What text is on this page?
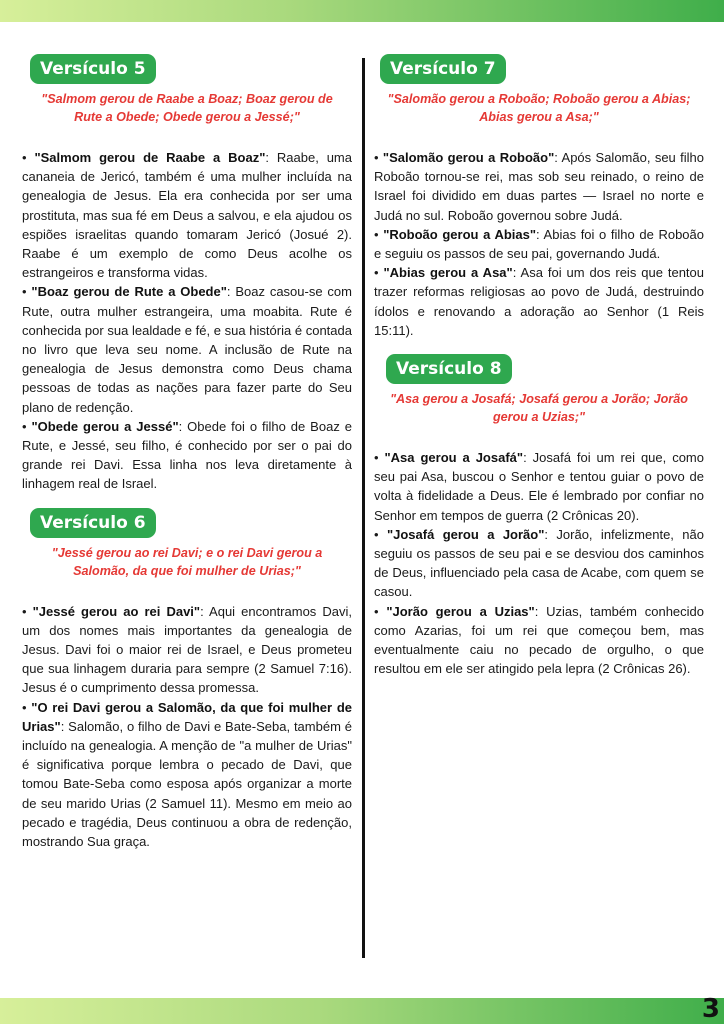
3
Versículo 5
"Salmom gerou de Raabe a Boaz; Boaz gerou de
Rute a Obede; Obede gerou a Jessé;"

• "Salmom gerou de Raabe a Boaz": Raabe, uma cananeia de Jericó, também é uma mulher incluída na genealogia de Jesus. Ela era conhecida por ser uma prostituta, mas sua fé em Deus a salvou, e ela ajudou os espiões israelitas quando tomaram Jericó (Josué 2). Raabe é um exemplo de como Deus acolhe os estrangeiros e transforma vidas.

• "Boaz gerou de Rute a Obede": Boaz casou-se com Rute, outra mulher estrangeira, uma moabita. Rute é conhecida por sua lealdade e fé, e sua história é contada no livro que leva seu nome. A inclusão de Rute na genealogia de Jesus demonstra como Deus chama pessoas de todas as nações para fazer parte do Seu plano de redenção.

• "Obede gerou a Jessé": Obede foi o filho de Boaz e Rute, e Jessé, seu filho, é conhecido por ser o pai do grande rei Davi. Essa linha nos leva diretamente à linhagem real de Israel.

Versículo 6
"Jessé gerou ao rei Davi; e o rei Davi gerou a
Salomão, da que foi mulher de Urias;"

• "Jessé gerou ao rei Davi": Aqui encontramos Davi, um dos nomes mais importantes da genealogia de Jesus. Davi foi o maior rei de Israel, e Deus prometeu que sua linhagem duraria para sempre (2 Samuel 7:16). Jesus é o cumprimento dessa promessa.

• "O rei Davi gerou a Salomão, da que foi mulher de Urias": Salomão, o filho de Davi e Bate-Seba, também é incluído na genealogia. A menção de "a mulher de Urias" é significativa porque lembra o pecado de Davi, que tomou Bate-Seba como esposa após organizar a morte de seu marido Urias (2 Samuel 11). Mesmo em meio ao pecado e tragédia, Deus continuou a obra de redenção, mostrando Sua graça.

Versículo 7
"Salomão gerou a Roboão; Roboão gerou a Abias;
Abias gerou a Asa;"

• "Salomão gerou a Roboão": Após Salomão, seu filho Roboão tornou-se rei, mas sob seu reinado, o reino de Israel foi dividido em duas partes — Israel no norte e Judá no sul. Roboão governou sobre Judá.

• "Roboão gerou a Abias": Abias foi o filho de Roboão e seguiu os passos de seu pai, governando Judá.

• "Abias gerou a Asa": Asa foi um dos reis que tentou trazer reformas religiosas ao povo de Judá, destruindo ídolos e renovando a adoração ao Senhor (1 Reis 15:11).

Versículo 8
"Asa gerou a Josafá; Josafá gerou a Jorão; Jorão
gerou a Uzias;"

• "Asa gerou a Josafá": Josafá foi um rei que, como seu pai Asa, buscou o Senhor e tentou guiar o povo de volta à fidelidade a Deus. Ele é lembrado por confiar no Senhor em tempos de guerra (2 Crônicas 20).

• "Josafá gerou a Jorão": Jorão, infelizmente, não seguiu os passos de seu pai e se desviou dos caminhos de Deus, influenciado pela casa de Acabe, com quem se casou.

• "Jorão gerou a Uzias": Uzias, também conhecido como Azarias, foi um rei que começou bem, mas eventualmente caiu no pecado de orgulho, o que resultou em ele ser atingido pela lepra (2 Crônicas 26).
